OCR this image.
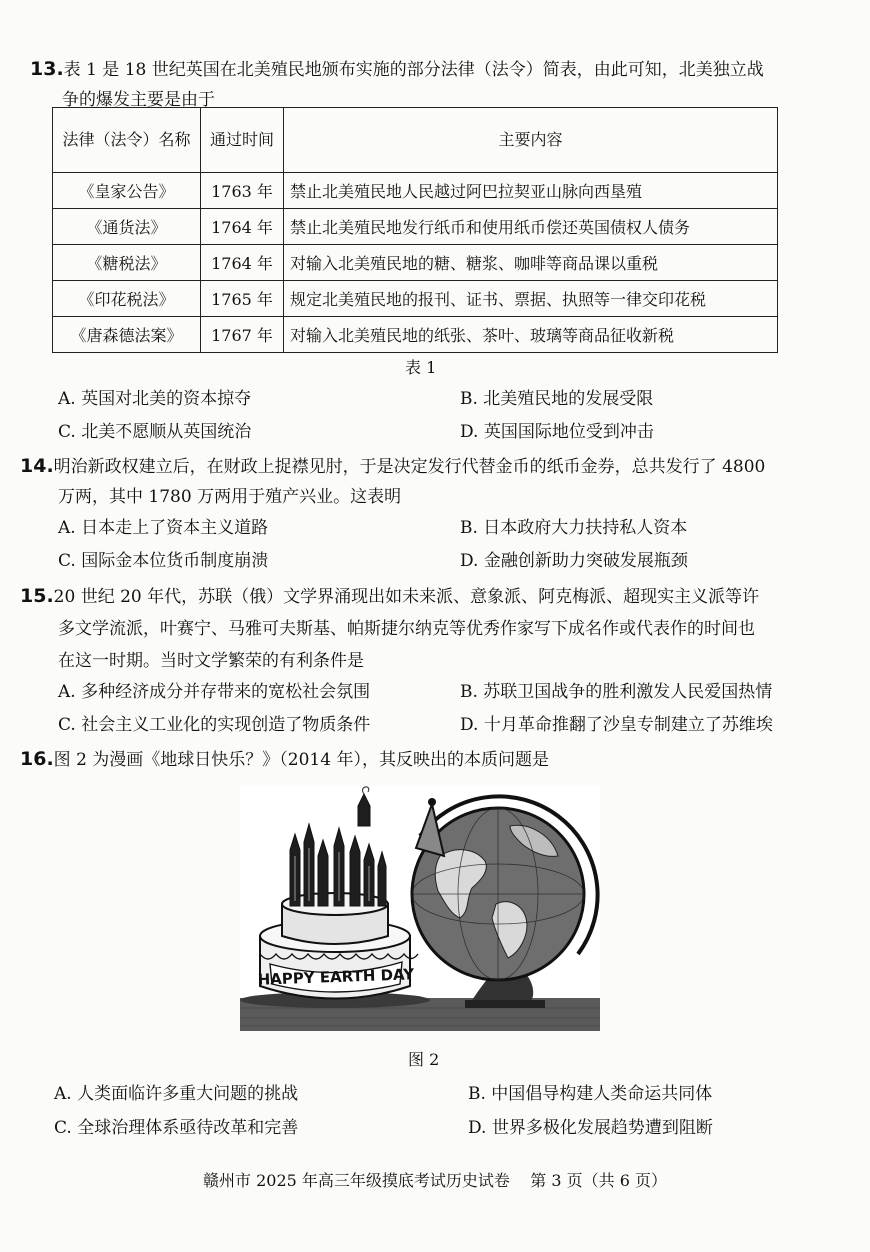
13.表 1 是 18 世纪英国在北美殖民地颁布实施的部分法律（法令）简表，由此可知，北美独立战
争的爆发主要是由于
法律（法令）名称	通过时间	主要内容
《皇家公告》	1763 年	禁止北美殖民地人民越过阿巴拉契亚山脉向西垦殖
《通货法》	1764 年	禁止北美殖民地发行纸币和使用纸币偿还英国债权人债务
《糖税法》	1764 年	对输入北美殖民地的糖、糖浆、咖啡等商品课以重税
《印花税法》	1765 年	规定北美殖民地的报刊、证书、票据、执照等一律交印花税
《唐森德法案》	1767 年	对输入北美殖民地的纸张、茶叶、玻璃等商品征收新税
表 1
A. 英国对北美的资本掠夺	B. 北美殖民地的发展受限
C. 北美不愿顺从英国统治	D. 英国国际地位受到冲击
14.明治新政权建立后，在财政上捉襟见肘，于是决定发行代替金币的纸币金券，总共发行了 4800
万两，其中 1780 万两用于殖产兴业。这表明
A. 日本走上了资本主义道路	B. 日本政府大力扶持私人资本
C. 国际金本位货币制度崩溃	D. 金融创新助力突破发展瓶颈
15.20 世纪 20 年代，苏联（俄）文学界涌现出如未来派、意象派、阿克梅派、超现实主义派等许
多文学流派，叶赛宁、马雅可夫斯基、帕斯捷尔纳克等优秀作家写下成名作或代表作的时间也
在这一时期。当时文学繁荣的有利条件是
A. 多种经济成分并存带来的宽松社会氛围	B. 苏联卫国战争的胜利激发人民爱国热情
C. 社会主义工业化的实现创造了物质条件	D. 十月革命推翻了沙皇专制建立了苏维埃
16.图 2 为漫画《地球日快乐？》（2014 年），其反映出的本质问题是
HAPPY EARTH DAY
图 2
A. 人类面临许多重大问题的挑战	B. 中国倡导构建人类命运共同体
C. 全球治理体系亟待改革和完善	D. 世界多极化发展趋势遭到阻断
赣州市 2025 年高三年级摸底考试历史试卷    第 3 页（共 6 页）
